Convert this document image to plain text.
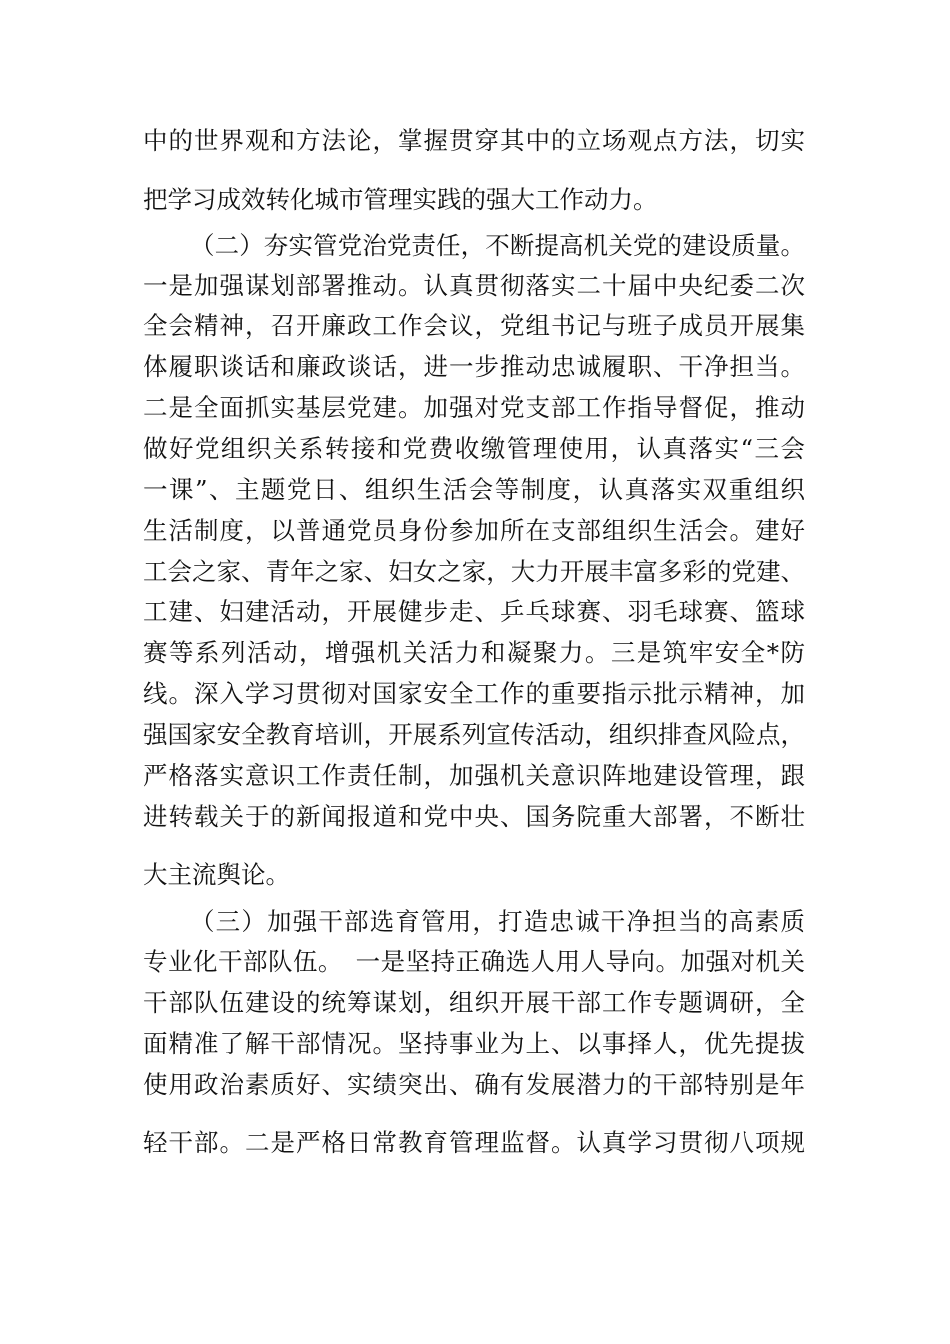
中的世界观和方法论，掌握贯穿其中的立场观点方法，切实
把学习成效转化城市管理实践的强大工作动力。
（二）夯实管党治党责任，不断提高机关党的建设质量。
一是加强谋划部署推动。认真贯彻落实二十届中央纪委二次
全会精神，召开廉政工作会议，党组书记与班子成员开展集
体履职谈话和廉政谈话，进一步推动忠诚履职、干净担当。
二是全面抓实基层党建。加强对党支部工作指导督促，推动
做好党组织关系转接和党费收缴管理使用，认真落实“三会
一课”、主题党日、组织生活会等制度，认真落实双重组织
生活制度，以普通党员身份参加所在支部组织生活会。建好
工会之家、青年之家、妇女之家，大力开展丰富多彩的党建、
工建、妇建活动，开展健步走、乒乓球赛、羽毛球赛、篮球
赛等系列活动，增强机关活力和凝聚力。三是筑牢安全*防
线。深入学习贯彻对国家安全工作的重要指示批示精神，加
强国家安全教育培训，开展系列宣传活动，组织排查风险点，
严格落实意识工作责任制，加强机关意识阵地建设管理，跟
进转载关于的新闻报道和党中央、国务院重大部署，不断壮
大主流舆论。
（三）加强干部选育管用，打造忠诚干净担当的高素质
专业化干部队伍。　一是坚持正确选人用人导向。加强对机关
干部队伍建设的统筹谋划，组织开展干部工作专题调研，全
面精准了解干部情况。坚持事业为上、以事择人，优先提拔
使用政治素质好、实绩突出、确有发展潜力的干部特别是年
轻干部。二是严格日常教育管理监督。认真学习贯彻八项规
